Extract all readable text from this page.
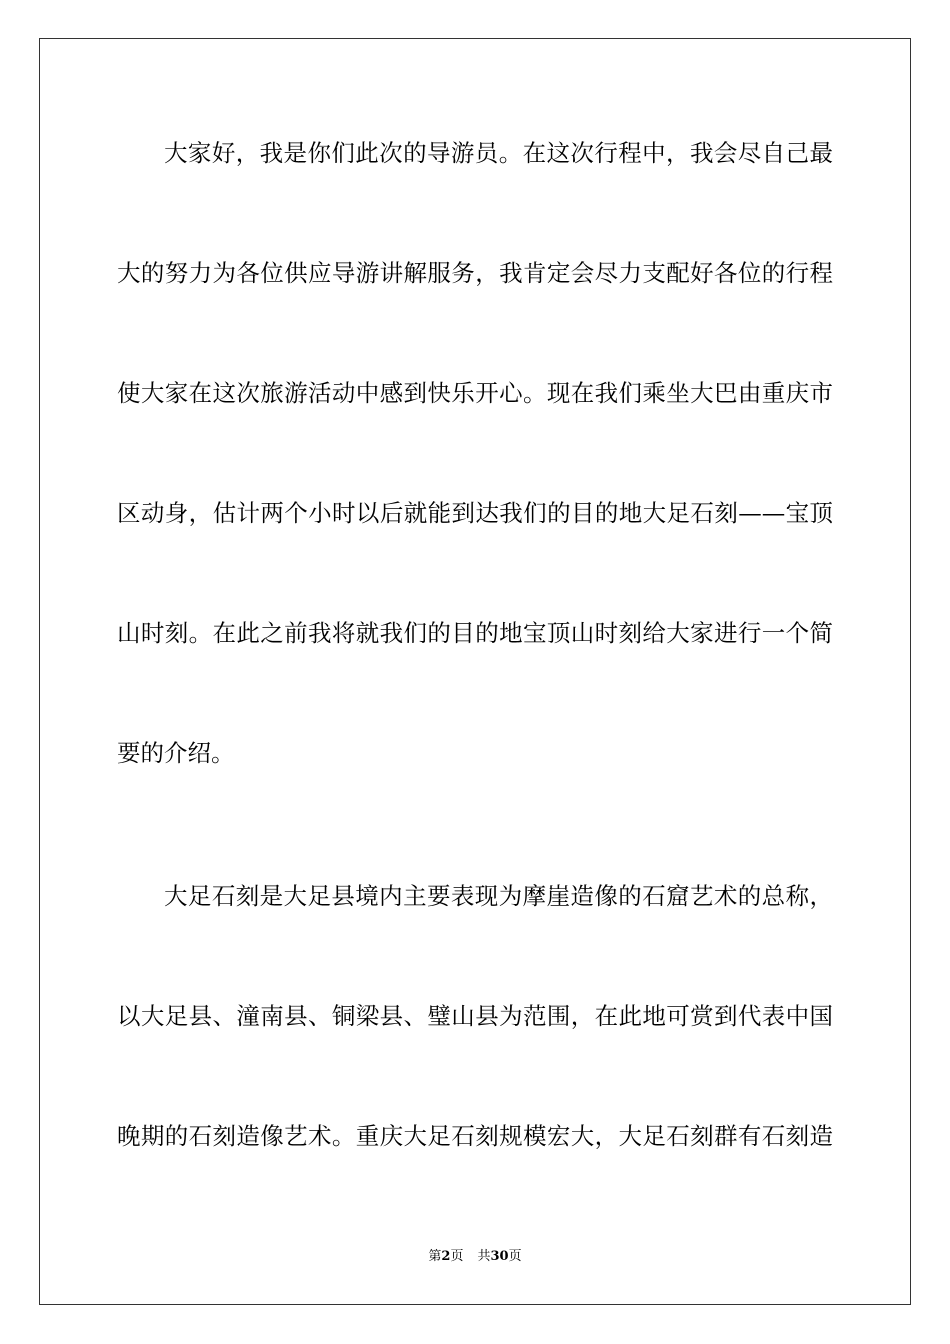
大家好，我是你们此次的导游员。在这次行程中，我会尽自己最
大的努力为各位供应导游讲解服务，我肯定会尽力支配好各位的行程
使大家在这次旅游活动中感到快乐开心。现在我们乘坐大巴由重庆市
区动身，估计两个小时以后就能到达我们的目的地大足石刻——宝顶
山时刻。在此之前我将就我们的目的地宝顶山时刻给大家进行一个简
要的介绍。
大足石刻是大足县境内主要表现为摩崖造像的石窟艺术的总称，
以大足县、潼南县、铜梁县、璧山县为范围，在此地可赏到代表中国
晚期的石刻造像艺术。重庆大足石刻规模宏大，大足石刻群有石刻造
第2页 共30页
